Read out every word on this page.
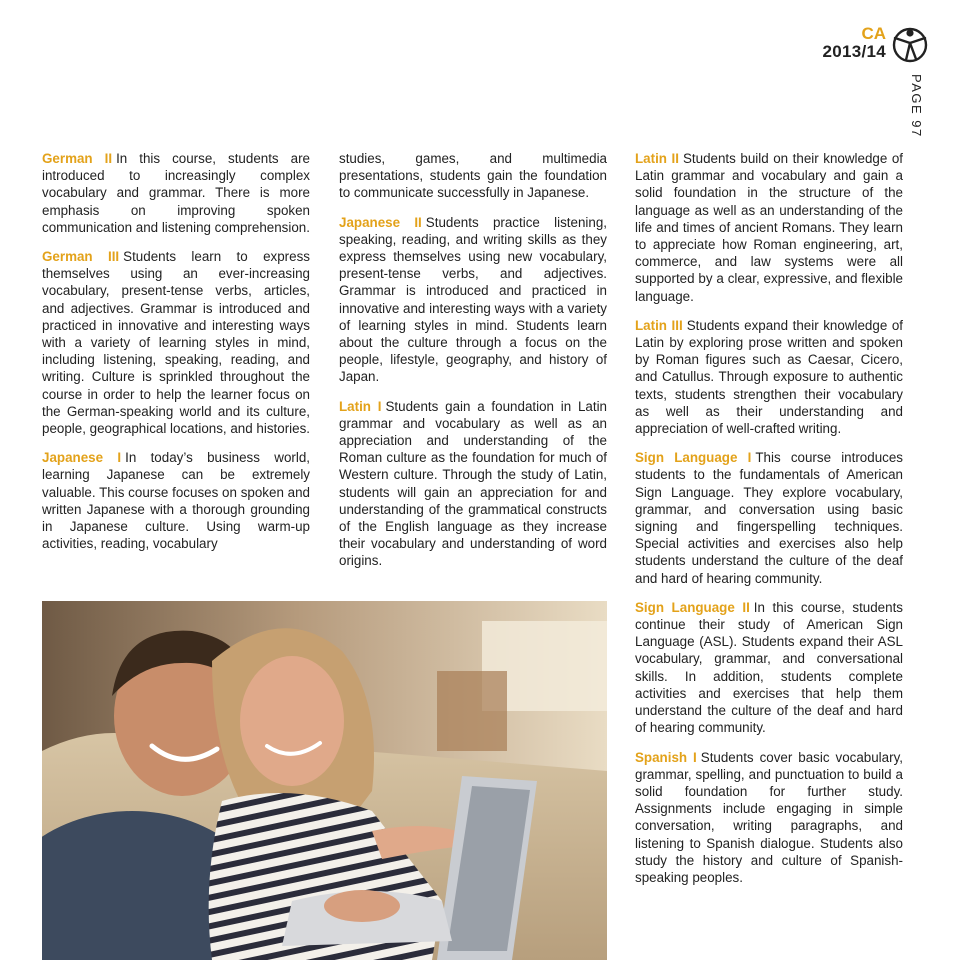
CA
2013/14
PAGE 97

German II In this course, students are introduced to increasingly complex vocabulary and grammar. There is more emphasis on improving spoken communication and listening comprehension.

German III Students learn to express themselves using an ever-increasing vocabulary, present-tense verbs, articles, and adjectives. Grammar is introduced and practiced in innovative and interesting ways with a variety of learning styles in mind, including listening, speaking, reading, and writing. Culture is sprinkled throughout the course in order to help the learner focus on the German-speaking world and its culture, people, geographical locations, and histories.

Japanese I In today’s business world, learning Japanese can be extremely valuable. This course focuses on spoken and written Japanese with a thorough grounding in Japanese culture. Using warm-up activities, reading, vocabulary

studies, games, and multimedia presentations, students gain the foundation to communicate successfully in Japanese.

Japanese II Students practice listening, speaking, reading, and writing skills as they express themselves using new vocabulary, present-tense verbs, and adjectives. Grammar is introduced and practiced in innovative and interesting ways with a variety of learning styles in mind. Students learn about the culture through a focus on the people, lifestyle, geography, and history of Japan.

Latin I Students gain a foundation in Latin grammar and vocabulary as well as an appreciation and understanding of the Roman culture as the foundation for much of Western culture. Through the study of Latin, students will gain an appreciation for and understanding of the grammatical constructs of the English language as they increase their vocabulary and understanding of word origins.

Latin II Students build on their knowledge of Latin grammar and vocabulary and gain a solid foundation in the structure of the language as well as an understanding of the life and times of ancient Romans. They learn to appreciate how Roman engineering, art, commerce, and law systems were all supported by a clear, expressive, and flexible language.

Latin III Students expand their knowledge of Latin by exploring prose written and spoken by Roman figures such as Caesar, Cicero, and Catullus. Through exposure to authentic texts, students strengthen their vocabulary as well as their understanding and appreciation of well-crafted writing.

Sign Language I This course introduces students to the fundamentals of American Sign Language. They explore vocabulary, grammar, and conversation using basic signing and fingerspelling techniques. Special activities and exercises also help students understand the culture of the deaf and hard of hearing community.

Sign Language II In this course, students continue their study of American Sign Language (ASL). Students expand their ASL vocabulary, grammar, and conversational skills. In addition, students complete activities and exercises that help them understand the culture of the deaf and hard of hearing community.

Spanish I Students cover basic vocabulary, grammar, spelling, and punctuation to build a solid foundation for further study. Assignments include engaging in simple conversation, writing paragraphs, and listening to Spanish dialogue. Students also study the history and culture of Spanish-speaking peoples.
